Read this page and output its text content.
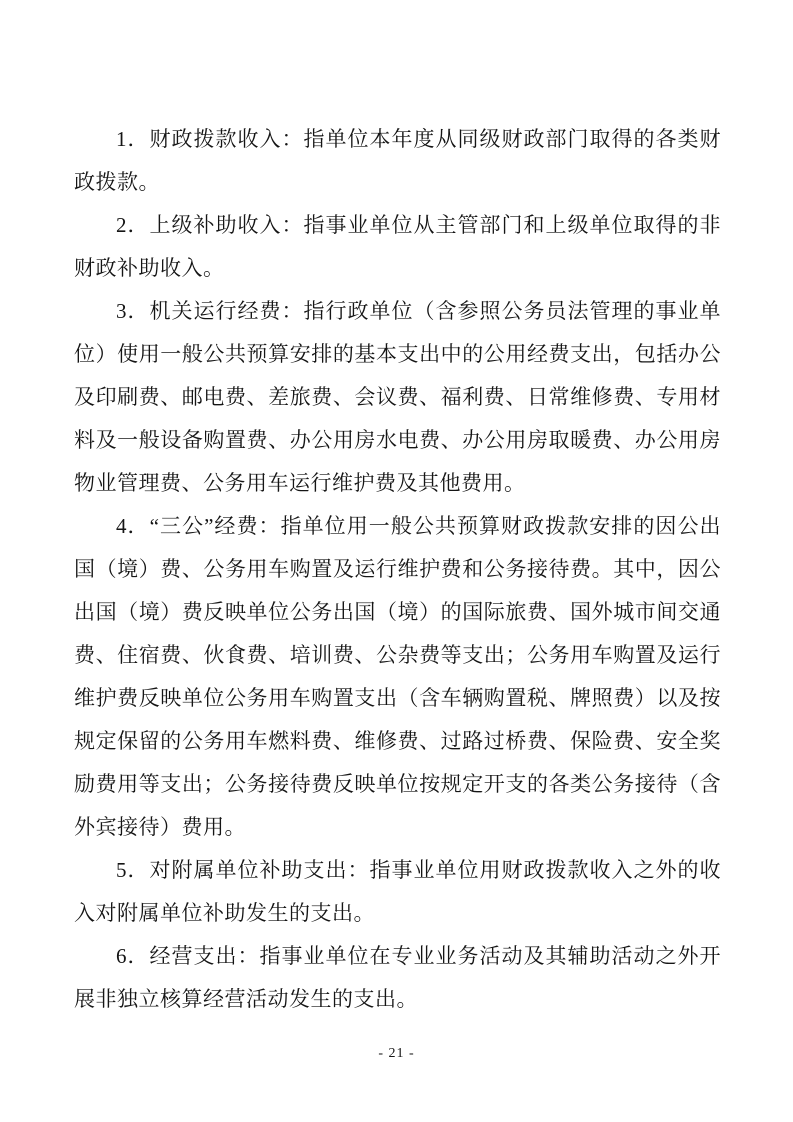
1．财政拨款收入：指单位本年度从同级财政部门取得的各类财政拨款。

2．上级补助收入：指事业单位从主管部门和上级单位取得的非财政补助收入。

3．机关运行经费：指行政单位（含参照公务员法管理的事业单位）使用一般公共预算安排的基本支出中的公用经费支出，包括办公及印刷费、邮电费、差旅费、会议费、福利费、日常维修费、专用材料及一般设备购置费、办公用房水电费、办公用房取暖费、办公用房物业管理费、公务用车运行维护费及其他费用。

4．“三公”经费：指单位用一般公共预算财政拨款安排的因公出国（境）费、公务用车购置及运行维护费和公务接待费。其中，因公出国（境）费反映单位公务出国（境）的国际旅费、国外城市间交通费、住宿费、伙食费、培训费、公杂费等支出；公务用车购置及运行维护费反映单位公务用车购置支出（含车辆购置税、牌照费）以及按规定保留的公务用车燃料费、维修费、过路过桥费、保险费、安全奖励费用等支出；公务接待费反映单位按规定开支的各类公务接待（含外宾接待）费用。

5．对附属单位补助支出：指事业单位用财政拨款收入之外的收入对附属单位补助发生的支出。

6．经营支出：指事业单位在专业业务活动及其辅助活动之外开展非独立核算经营活动发生的支出。

- 21 -
